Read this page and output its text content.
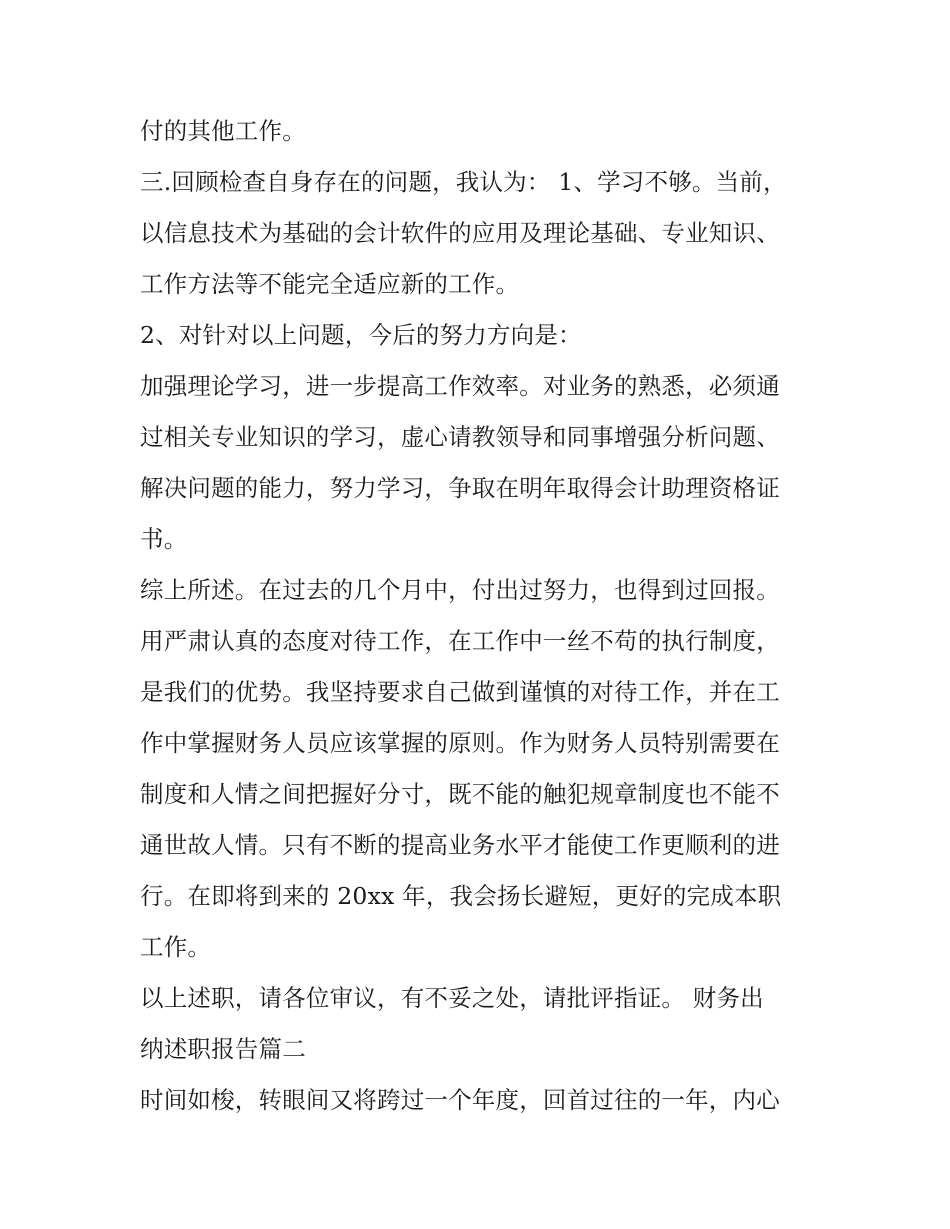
付的其他工作。
三.回顾检查自身存在的问题，我认为： 1、学习不够。当前，
以信息技术为基础的会计软件的应用及理论基础、专业知识、
工作方法等不能完全适应新的工作。
2、对针对以上问题，今后的努力方向是：
加强理论学习，进一步提高工作效率。对业务的熟悉，必须通
过相关专业知识的学习，虚心请教领导和同事增强分析问题、
解决问题的能力，努力学习，争取在明年取得会计助理资格证
书。
综上所述。在过去的几个月中，付出过努力，也得到过回报。
用严肃认真的态度对待工作，在工作中一丝不苟的执行制度，
是我们的优势。我坚持要求自己做到谨慎的对待工作，并在工
作中掌握财务人员应该掌握的原则。作为财务人员特别需要在
制度和人情之间把握好分寸，既不能的触犯规章制度也不能不
通世故人情。只有不断的提高业务水平才能使工作更顺利的进
行。在即将到来的 20xx 年，我会扬长避短，更好的完成本职
工作。
以上述职，请各位审议，有不妥之处，请批评指证。 财务出
纳述职报告篇二
时间如梭，转眼间又将跨过一个年度，回首过往的一年，内心
